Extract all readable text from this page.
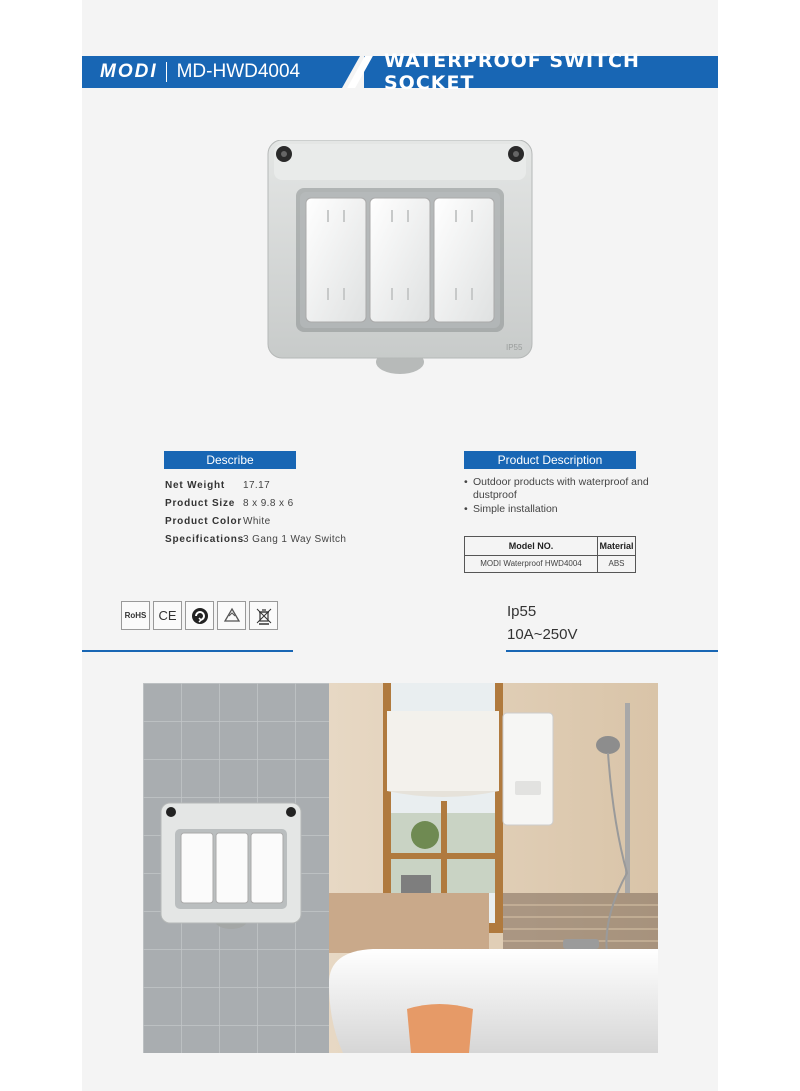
MODI MD-HWD4004	WATERPROOF SWITCH SOCKET
IP55
Describe
Net Weight	17.17
Product Size 8 x 9.8 x 6
Product Color White
Specifications 3 Gang 1 Way Switch
Product Description
• Outdoor products with waterproof and dustproof
• Simple installation
Model NO.	Material
MODI Waterproof HWD4004	ABS
RoHS CE	Ip55
10A~250V
